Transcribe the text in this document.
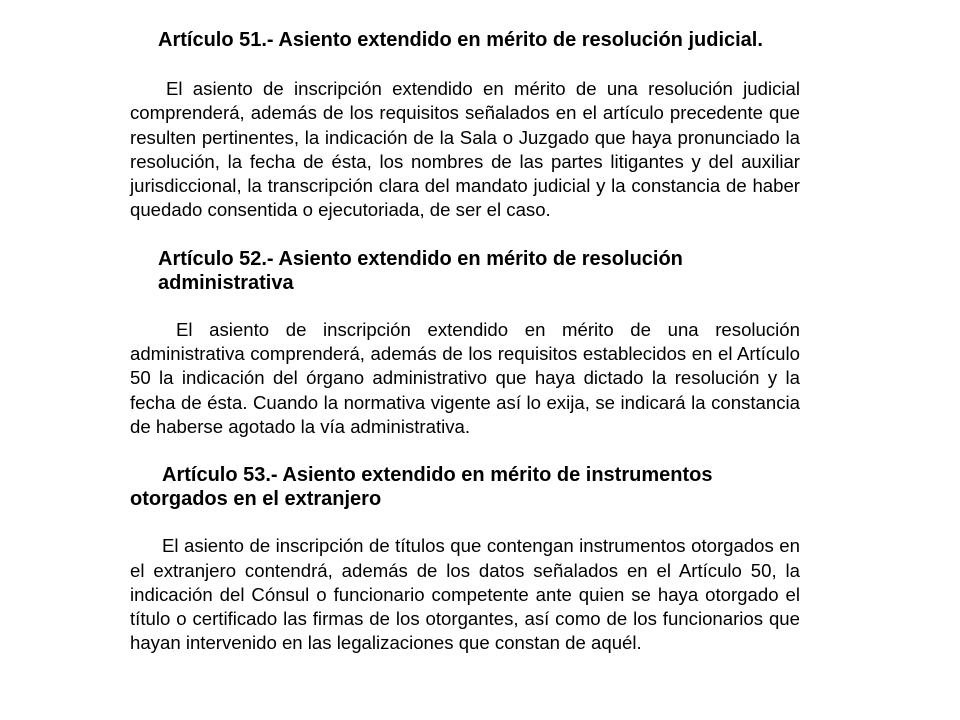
Artículo 51.- Asiento extendido en mérito de resolución judicial.

El asiento de inscripción extendido en mérito de una resolución judicial comprenderá, además de los requisitos señalados en el artículo precedente que resulten pertinentes, la indicación de la Sala o Juzgado que haya pronunciado la resolución, la fecha de ésta, los nombres de las partes litigantes y del auxiliar jurisdiccional, la transcripción clara del mandato judicial y la constancia de haber quedado consentida o ejecutoriada, de ser el caso.

Artículo 52.- Asiento extendido en mérito de resolución administrativa

El asiento de inscripción extendido en mérito de una resolución administrativa comprenderá, además de los requisitos establecidos en el Artículo 50 la indicación del órgano administrativo que haya dictado la resolución y la fecha de ésta. Cuando la normativa vigente así lo exija, se indicará la constancia de haberse agotado la vía administrativa.

Artículo 53.- Asiento extendido en mérito de instrumentos otorgados en el extranjero

El asiento de inscripción de títulos que contengan instrumentos otorgados en el extranjero contendrá, además de los datos señalados en el Artículo 50, la indicación del Cónsul o funcionario competente ante quien se haya otorgado el título o certificado las firmas de los otorgantes, así como de los funcionarios que hayan intervenido en las legalizaciones que constan de aquél.
